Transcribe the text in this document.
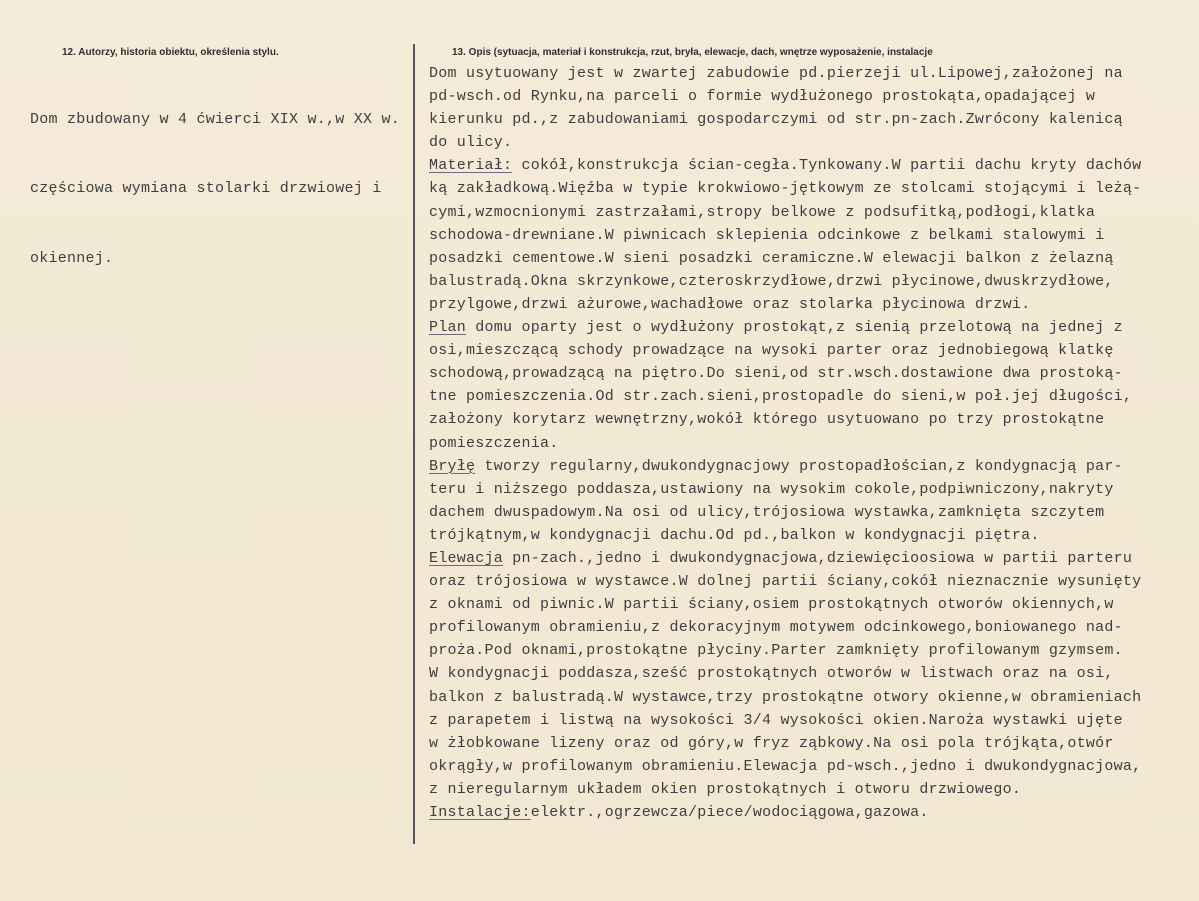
12. Autorzy, historia obiektu, określenia stylu.	13. Opis (sytuacja, materiał i konstrukcja, rzut, bryła, elewacje, dach, wnętrze wyposażenie, instalacje

Dom zbudowany w 4 ćwierci XIX w.,w XX w.

częściowa wymiana stolarki drzwiowej i

okiennej.

Dom usytuowany jest w zwartej zabudowie pd.pierzeji ul.Lipowej,założonej na
pd-wsch.od Rynku,na parceli o formie wydłużonego prostokąta,opadającej w
kierunku pd.,z zabudowaniami gospodarczymi od str.pn-zach.Zwrócony kalenicą
do ulicy.
Materiał: cokół,konstrukcja ścian-cegła.Tynkowany.W partii dachu kryty dachów
ką zakładkową.Więźba w typie krokwiowo-jętkowym ze stolcami stojącymi i leżą-
cymi,wzmocnionymi zastrzałami,stropy belkowe z podsufitką,podłogi,klatka
schodowa-drewniane.W piwnicach sklepienia odcinkowe z belkami stalowymi i
posadzki cementowe.W sieni posadzki ceramiczne.W elewacji balkon z żelazną
balustradą.Okna skrzynkowe,czteroskrzydłowe,drzwi płycinowe,dwuskrzydłowe,
przylgowe,drzwi ażurowe,wachadłowe oraz stolarka płycinowa drzwi.
Plan domu oparty jest o wydłużony prostokąt,z sienią przelotową na jednej z
osi,mieszczącą schody prowadzące na wysoki parter oraz jednobiegową klatkę
schodową,prowadzącą na piętro.Do sieni,od str.wsch.dostawione dwa prostoką-
tne pomieszczenia.Od str.zach.sieni,prostopadle do sieni,w poł.jej długości,
założony korytarz wewnętrzny,wokół którego usytuowano po trzy prostokątne
pomieszczenia.
Bryłę tworzy regularny,dwukondygnacjowy prostopadłościan,z kondygnacją par-
teru i niższego poddasza,ustawiony na wysokim cokole,podpiwniczony,nakryty
dachem dwuspadowym.Na osi od ulicy,trójosiowa wystawka,zamknięta szczytem
trójkątnym,w kondygnacji dachu.Od pd.,balkon w kondygnacji piętra.
Elewacja pn-zach.,jedno i dwukondygnacjowa,dziewięcioosiowa w partii parteru
oraz trójosiowa w wystawce.W dolnej partii ściany,cokół nieznacznie wysunięty
z oknami od piwnic.W partii ściany,osiem prostokątnych otworów okiennych,w
profilowanym obramieniu,z dekoracyjnym motywem odcinkowego,boniowanego nad-
proża.Pod oknami,prostokątne płyciny.Parter zamknięty profilowanym gzymsem.
W kondygnacji poddasza,sześć prostokątnych otworów w listwach oraz na osi,
balkon z balustradą.W wystawce,trzy prostokątne otwory okienne,w obramieniach
z parapetem i listwą na wysokości 3/4 wysokości okien.Naroża wystawki ujęte
w żłobkowane lizeny oraz od góry,w fryz ząbkowy.Na osi pola trójkąta,otwór
okrągły,w profilowanym obramieniu.Elewacja pd-wsch.,jedno i dwukondygnacjowa,
z nieregularnym układem okien prostokątnych i otworu drzwiowego.
Instalacje:elektr.,ogrzewcza/piece/wodociągowa,gazowa.
